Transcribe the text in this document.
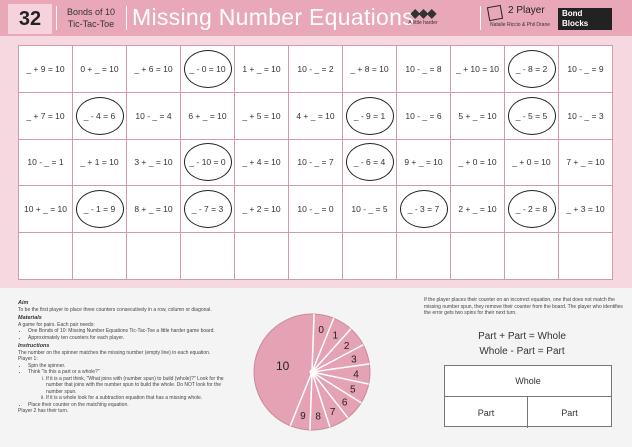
32	Bonds of 10
Tic-Tac-Toe Missing Number Equations
◆◆◆
A little harder
2 Player
Natalie Riccio & Phil Drane
Bond
Blocks
_ + 9 = 10 0 + _ = 10 _ + 6 = 10 _ - 0 = 10 1 + _ = 10 10 - _ = 2 _ + 8 = 10 10 - _ = 8 _ + 10 = 10 _ - 8 = 2 10 - _ = 9
_ + 7 = 10 _ - 4 = 6 10 - _ = 4 6 + _ = 10 _ + 5 = 10 4 + _ = 10 _ - 9 = 1 10 - _ = 6 5 + _ = 10 _ - 5 = 5 10 - _ = 3
10 - _ = 1 _ + 1 = 10 3 + _ = 10 _ - 10 = 0 _ + 4 = 10 10 - _ = 7 _ - 6 = 4 9 + _ = 10 _ + 0 = 10 _ + 0 = 10 7 + _ = 10
10 + _ = 10 _ - 1 = 9 8 + _ = 10 _ - 7 = 3 _ + 2 = 10 10 - _ = 0 10 - _ = 5 _ - 3 = 7 2 + _ = 10 _ - 2 = 8 _ + 3 = 10
Aim
To be the first player to place three counters consecutively in a row, column or diagonal.
Materials
A game for pairs. Each pair needs:
• One Bonds of 10: Missing Number Equations Tic-Tac-Toe a little harder game board.
• Approximately ten counters for each player.
Instructions
The number on the spinner matches the missing number (empty line) in each equation.
Player 1:
• Spin the spinner.
• Think "Is this a part or a whole?"
i. If it is a part think, "What joins with (number spun) to build (whole)?" Look for the number that joins with the number spun to build the whole. Do NOT look for the number spun.
ii. If it is a whole look for a subtraction equation that has a missing whole.
• Place their counter on the matching equation.
Player 2 has their turn.
0
1
2
3
4
5
6
7
8
9
10
If the player places their counter on an incorrect equation, one that does not match the missing number spun, they remove their counter from the board. The player who identifies the error gets two spins for their next turn.
Part + Part = Whole
Whole - Part = Part
Whole
Part	Part
